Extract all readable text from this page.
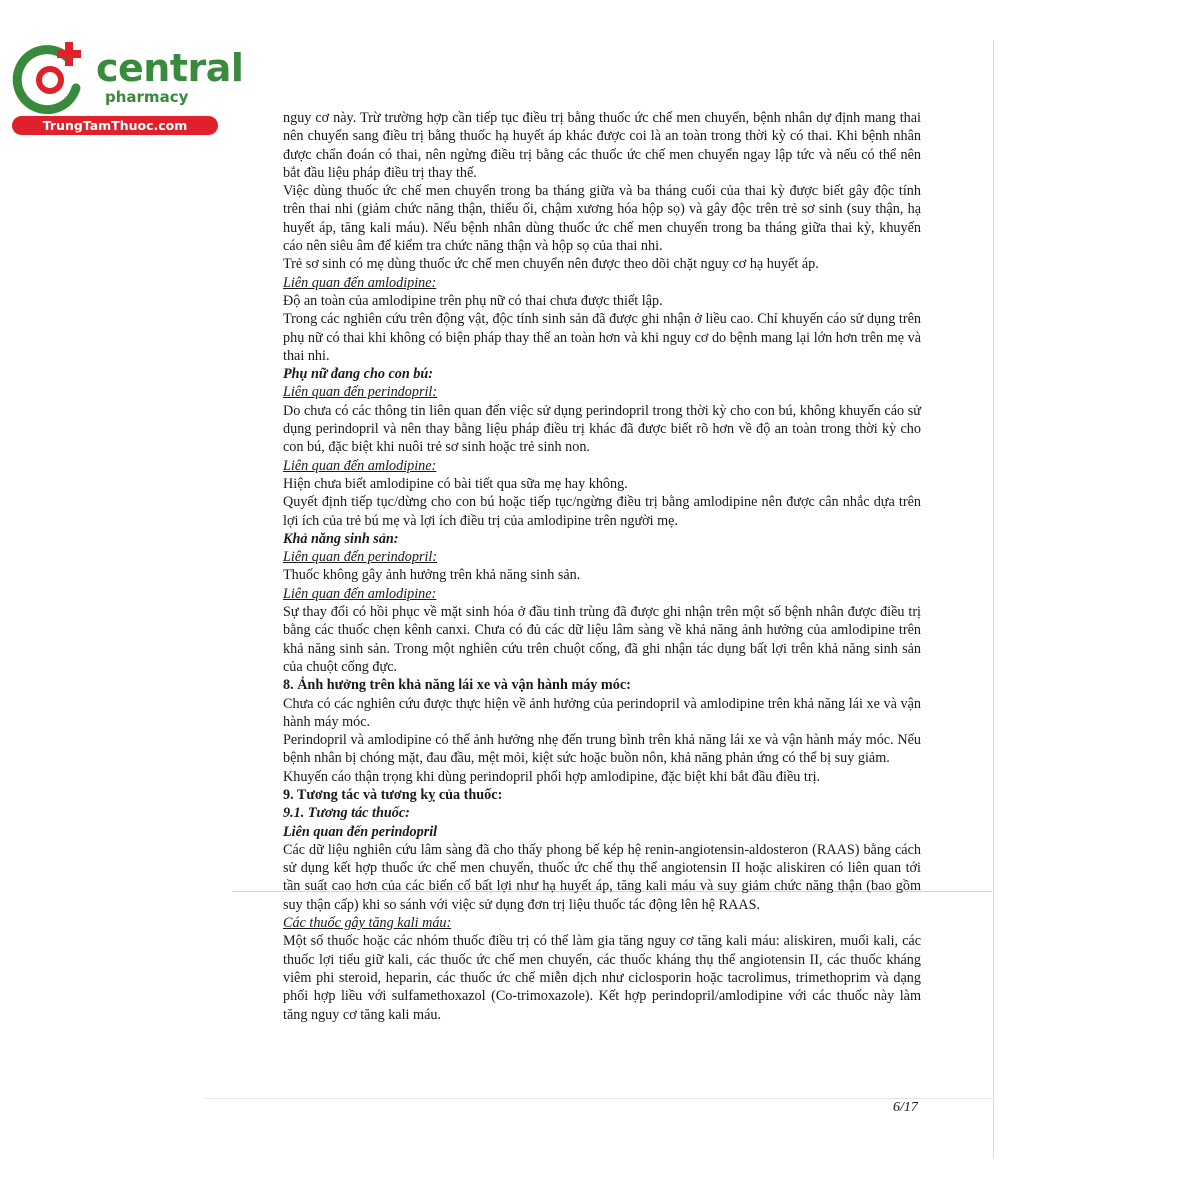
central
pharmacy
TrungTamThuoc.com	nguy cơ này. Trừ trường hợp cần tiếp tục điều trị bằng thuốc ức chế men chuyển, bệnh nhân dự định mang thai nên chuyển sang điều trị bằng thuốc hạ huyết áp khác được coi là an toàn trong thời kỳ có thai. Khi bệnh nhân được chẩn đoán có thai, nên ngừng điều trị bằng các thuốc ức chế men chuyển ngay lập tức và nếu có thể nên bắt đầu liệu pháp điều trị thay thế.

Việc dùng thuốc ức chế men chuyển trong ba tháng giữa và ba tháng cuối của thai kỳ được biết gây độc tính trên thai nhi (giảm chức năng thận, thiểu ối, chậm xương hóa hộp sọ) và gây độc trên trẻ sơ sinh (suy thận, hạ huyết áp, tăng kali máu). Nếu bệnh nhân dùng thuốc ức chế men chuyển trong ba tháng giữa thai kỳ, khuyến cáo nên siêu âm để kiểm tra chức năng thận và hộp sọ của thai nhi.

Trẻ sơ sinh có mẹ dùng thuốc ức chế men chuyển nên được theo dõi chặt nguy cơ hạ huyết áp.

Liên quan đến amlodipine:

Độ an toàn của amlodipine trên phụ nữ có thai chưa được thiết lập.

Trong các nghiên cứu trên động vật, độc tính sinh sản đã được ghi nhận ở liều cao. Chỉ khuyến cáo sử dụng trên phụ nữ có thai khi không có biện pháp thay thế an toàn hơn và khi nguy cơ do bệnh mang lại lớn hơn trên mẹ và thai nhi.

Phụ nữ đang cho con bú:

Liên quan đến perindopril:

Do chưa có các thông tin liên quan đến việc sử dụng perindopril trong thời kỳ cho con bú, không khuyến cáo sử dụng perindopril và nên thay bằng liệu pháp điều trị khác đã được biết rõ hơn về độ an toàn trong thời kỳ cho con bú, đặc biệt khi nuôi trẻ sơ sinh hoặc trẻ sinh non.

Liên quan đến amlodipine:

Hiện chưa biết amlodipine có bài tiết qua sữa mẹ hay không.

Quyết định tiếp tục/dừng cho con bú hoặc tiếp tục/ngừng điều trị bằng amlodipine nên được cân nhắc dựa trên lợi ích của trẻ bú mẹ và lợi ích điều trị của amlodipine trên người mẹ.

Khả năng sinh sản:

Liên quan đến perindopril:

Thuốc không gây ảnh hưởng trên khả năng sinh sản.

Liên quan đến amlodipine:

Sự thay đổi có hồi phục về mặt sinh hóa ở đầu tinh trùng đã được ghi nhận trên một số bệnh nhân được điều trị bằng các thuốc chẹn kênh canxi. Chưa có đủ các dữ liệu lâm sàng về khả năng ảnh hưởng của amlodipine trên khả năng sinh sản. Trong một nghiên cứu trên chuột cống, đã ghi nhận tác dụng bất lợi trên khả năng sinh sản của chuột cống đực.

8. Ảnh hưởng trên khả năng lái xe và vận hành máy móc:

Chưa có các nghiên cứu được thực hiện về ảnh hưởng của perindopril và amlodipine trên khả năng lái xe và vận hành máy móc.

Perindopril và amlodipine có thể ảnh hưởng nhẹ đến trung bình trên khả năng lái xe và vận hành máy móc. Nếu bệnh nhân bị chóng mặt, đau đầu, mệt mỏi, kiệt sức hoặc buồn nôn, khả năng phản ứng có thể bị suy giảm.

Khuyến cáo thận trọng khi dùng perindopril phối hợp amlodipine, đặc biệt khi bắt đầu điều trị.

9. Tương tác và tương kỵ của thuốc:

9.1. Tương tác thuốc:

Liên quan đến perindopril

Các dữ liệu nghiên cứu lâm sàng đã cho thấy phong bế kép hệ renin-angiotensin-aldosteron (RAAS) bằng cách sử dụng kết hợp thuốc ức chế men chuyển, thuốc ức chế thụ thể angiotensin II hoặc aliskiren có liên quan tới tần suất cao hơn của các biến cố bất lợi như hạ huyết áp, tăng kali máu và suy giảm chức năng thận (bao gồm suy thận cấp) khi so sánh với việc sử dụng đơn trị liệu thuốc tác động lên hệ RAAS.

Các thuốc gây tăng kali máu:

Một số thuốc hoặc các nhóm thuốc điều trị có thể làm gia tăng nguy cơ tăng kali máu: aliskiren, muối kali, các thuốc lợi tiểu giữ kali, các thuốc ức chế men chuyển, các thuốc kháng thụ thể angiotensin II, các thuốc kháng viêm phi steroid, heparin, các thuốc ức chế miễn dịch như ciclosporin hoặc tacrolimus, trimethoprim và dạng phối hợp liều với sulfamethoxazol (Co-trimoxazole). Kết hợp perindopril/amlodipine với các thuốc này làm tăng nguy cơ tăng kali máu.

6/17
